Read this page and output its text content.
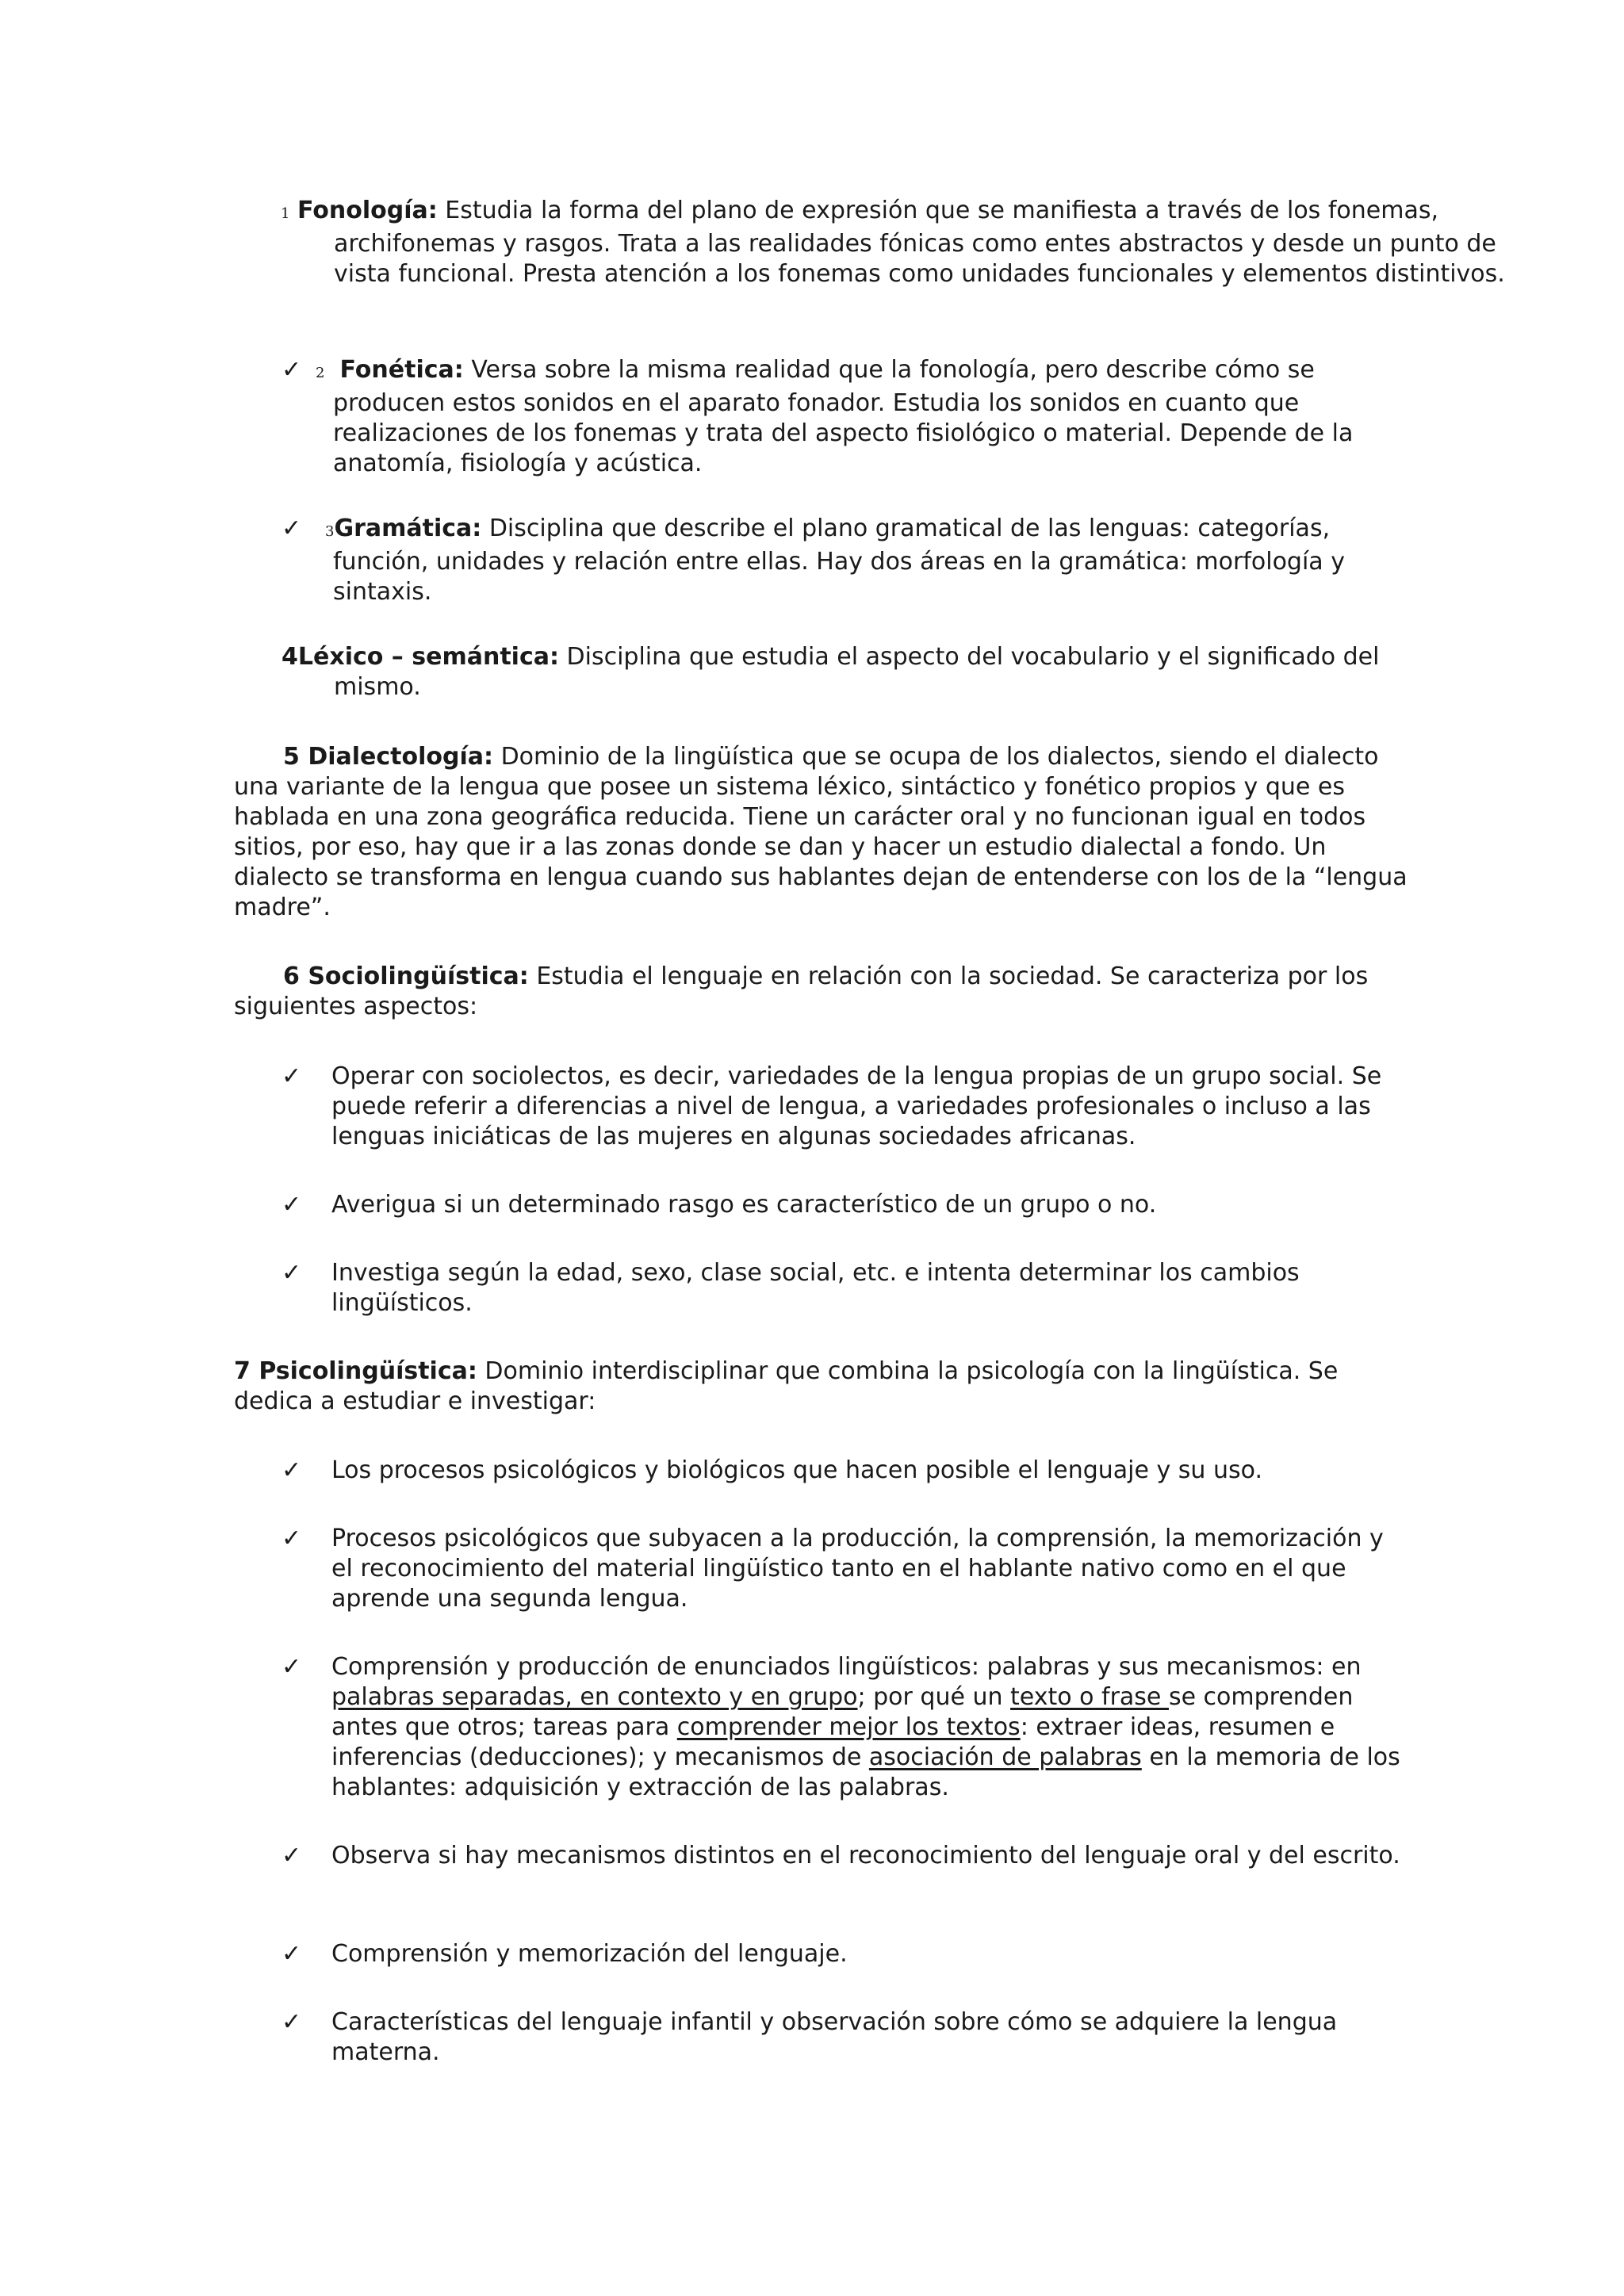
1 Fonología: Estudia la forma del plano de expresión que se manifiesta a través de los fonemas, archifonemas y rasgos. Trata a las realidades fónicas como entes abstractos y desde un punto de vista funcional. Presta atención a los fonemas como unidades funcionales y elementos distintivos.

✓ 2 Fonética: Versa sobre la misma realidad que la fonología, pero describe cómo se producen estos sonidos en el aparato fonador. Estudia los sonidos en cuanto que realizaciones de los fonemas y trata del aspecto fisiológico o material. Depende de la anatomía, fisiología y acústica.

✓ 3Gramática: Disciplina que describe el plano gramatical de las lenguas: categorías, función, unidades y relación entre ellas. Hay dos áreas en la gramática: morfología y sintaxis.

4Léxico – semántica: Disciplina que estudia el aspecto del vocabulario y el significado del mismo.

5 Dialectología: Dominio de la lingüística que se ocupa de los dialectos, siendo el dialecto una variante de la lengua que posee un sistema léxico, sintáctico y fonético propios y que es hablada en una zona geográfica reducida. Tiene un carácter oral y no funcionan igual en todos sitios, por eso, hay que ir a las zonas donde se dan y hacer un estudio dialectal a fondo. Un dialecto se transforma en lengua cuando sus hablantes dejan de entenderse con los de la “lengua madre”.

6 Sociolingüística: Estudia el lenguaje en relación con la sociedad. Se caracteriza por los siguientes aspectos:

✓ Operar con sociolectos, es decir, variedades de la lengua propias de un grupo social. Se puede referir a diferencias a nivel de lengua, a variedades profesionales o incluso a las lenguas iniciáticas de las mujeres en algunas sociedades africanas.

✓ Averigua si un determinado rasgo es característico de un grupo o no.

✓ Investiga según la edad, sexo, clase social, etc. e intenta determinar los cambios lingüísticos.

7 Psicolingüística: Dominio interdisciplinar que combina la psicología con la lingüística. Se dedica a estudiar e investigar:

✓ Los procesos psicológicos y biológicos que hacen posible el lenguaje y su uso.

✓ Procesos psicológicos que subyacen a la producción, la comprensión, la memorización y el reconocimiento del material lingüístico tanto en el hablante nativo como en el que aprende una segunda lengua.

✓ Comprensión y producción de enunciados lingüísticos: palabras y sus mecanismos: en palabras separadas, en contexto y en grupo; por qué un texto o frase se comprenden antes que otros; tareas para comprender mejor los textos: extraer ideas, resumen e inferencias (deducciones); y mecanismos de asociación de palabras en la memoria de los hablantes: adquisición y extracción de las palabras.

✓ Observa si hay mecanismos distintos en el reconocimiento del lenguaje oral y del escrito.

✓ Comprensión y memorización del lenguaje.

✓ Características del lenguaje infantil y observación sobre cómo se adquiere la lengua materna.
